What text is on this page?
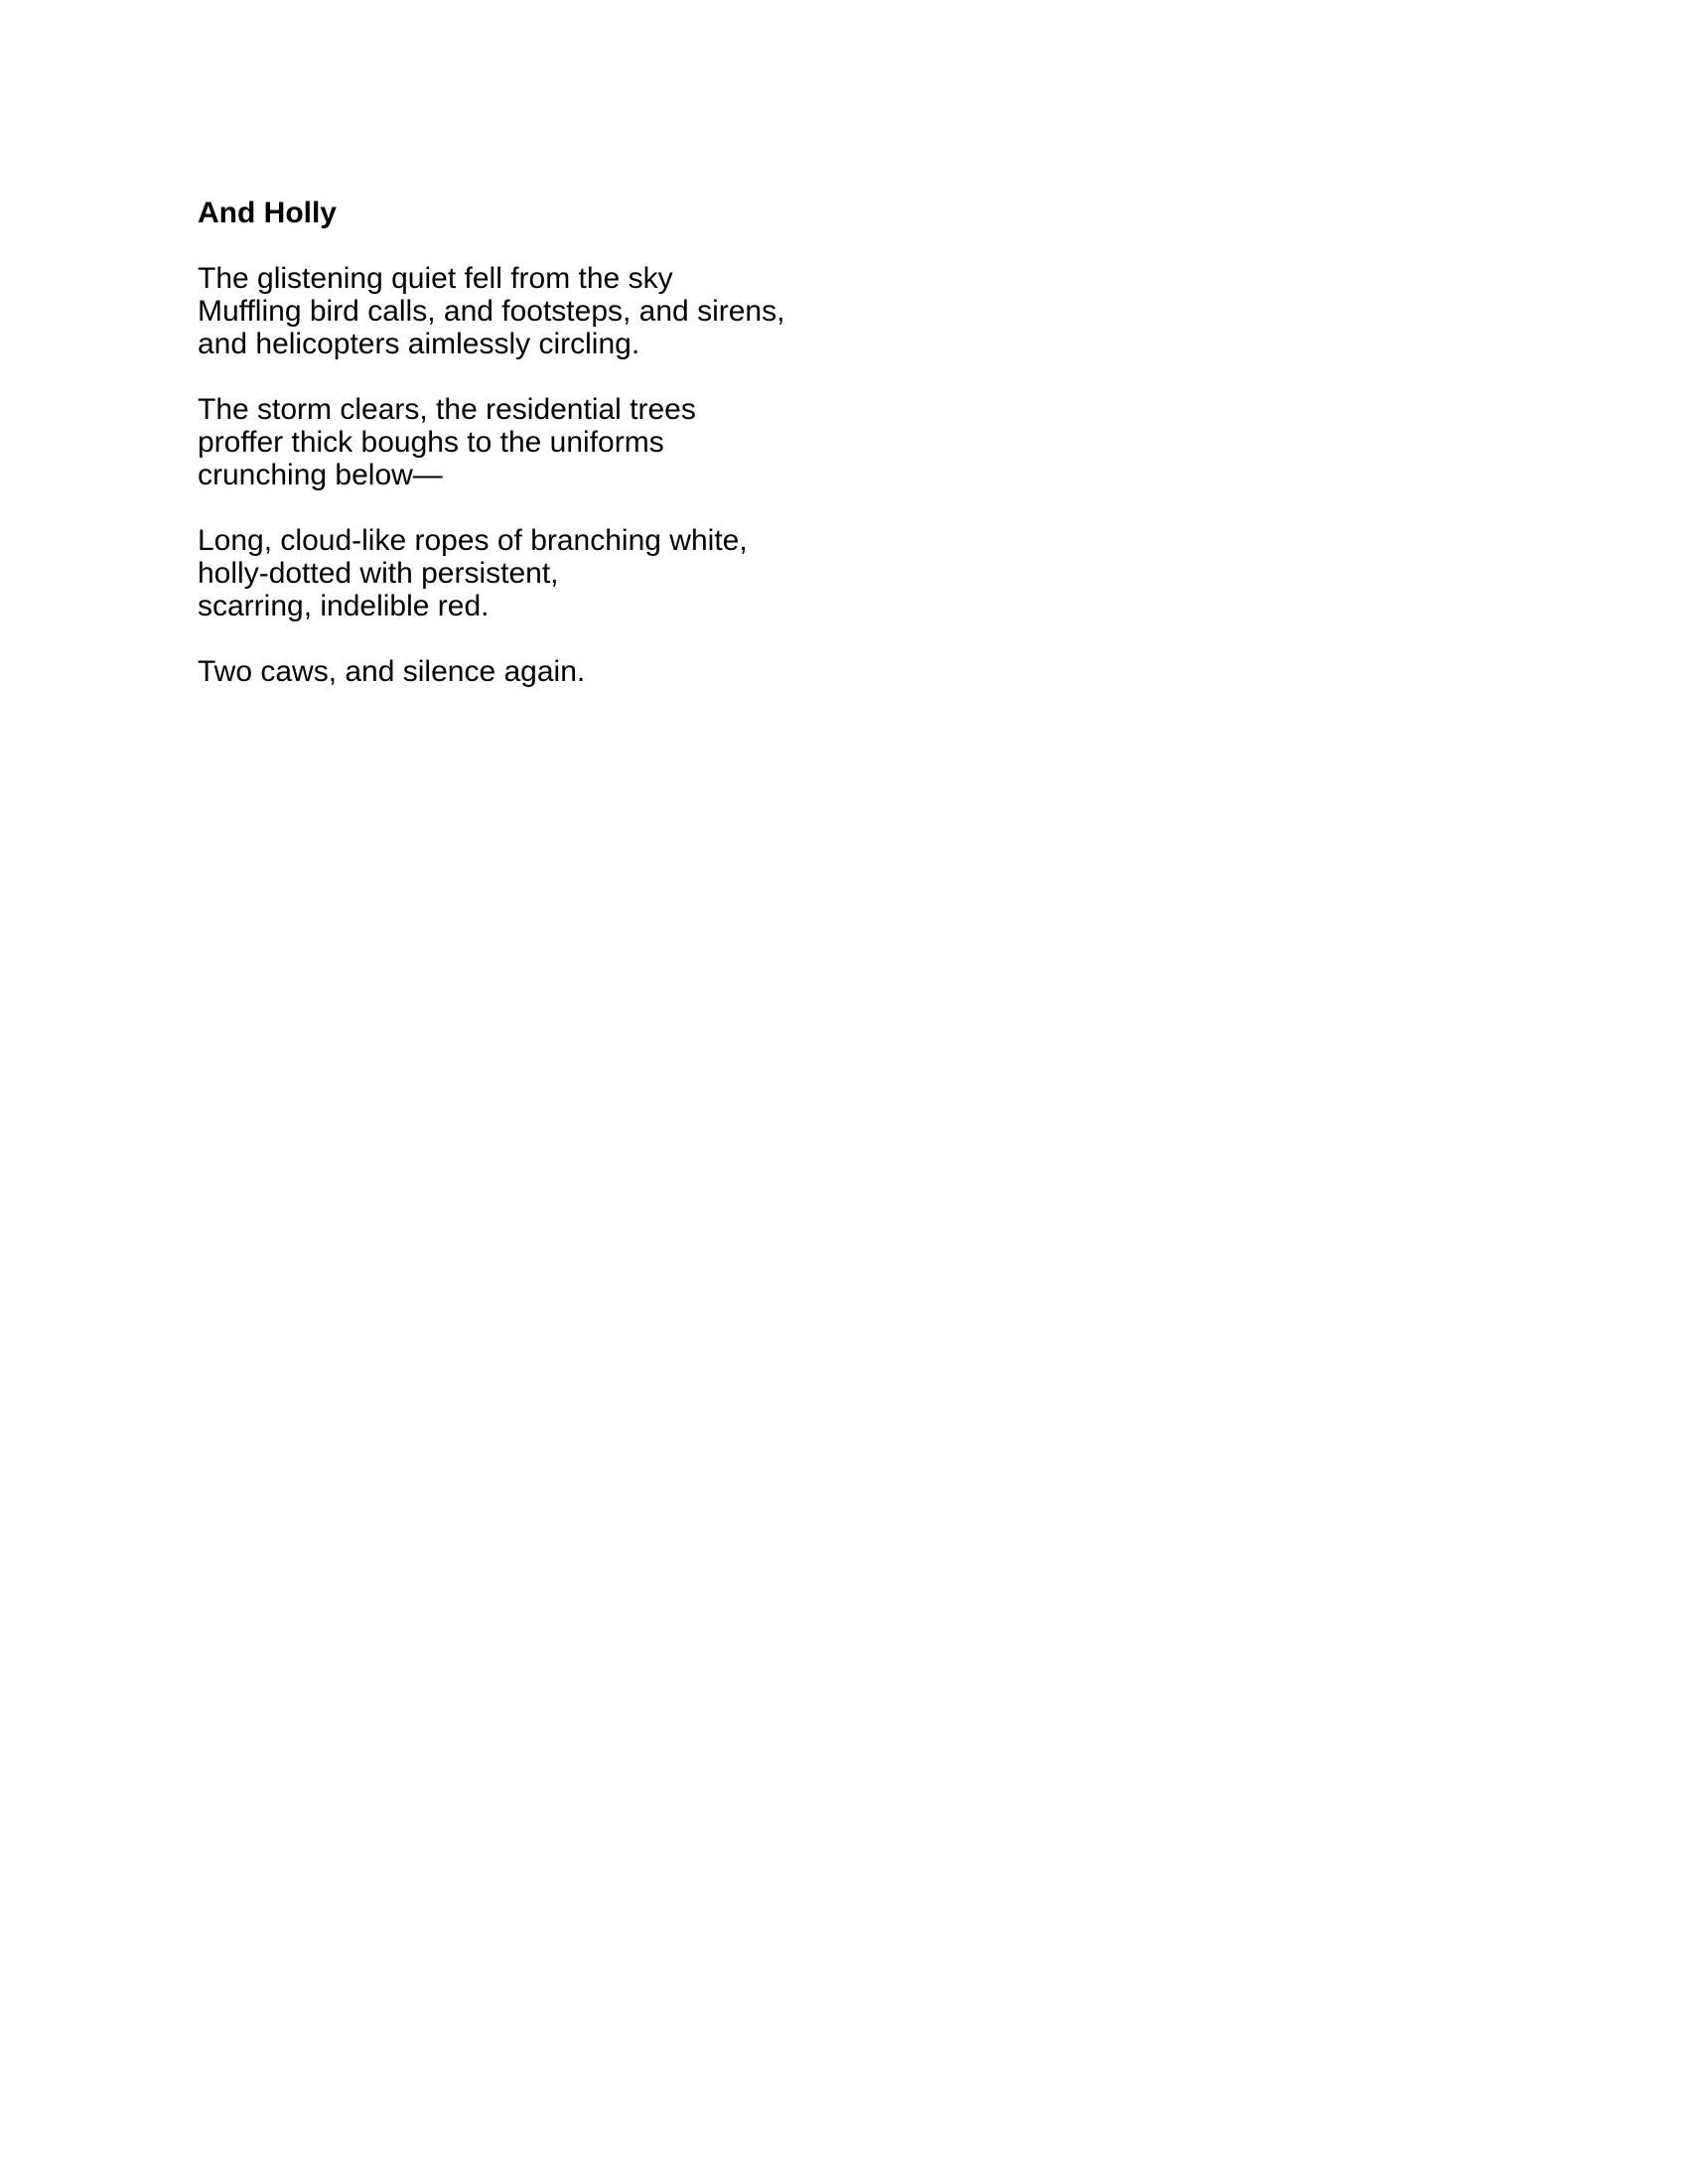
And Holly
The glistening quiet fell from the sky
Muffling bird calls, and footsteps, and sirens,
and helicopters aimlessly circling.
The storm clears, the residential trees
proffer thick boughs to the uniforms
crunching below—
Long, cloud-like ropes of branching white,
holly-dotted with persistent,
scarring, indelible red.
Two caws, and silence again.
